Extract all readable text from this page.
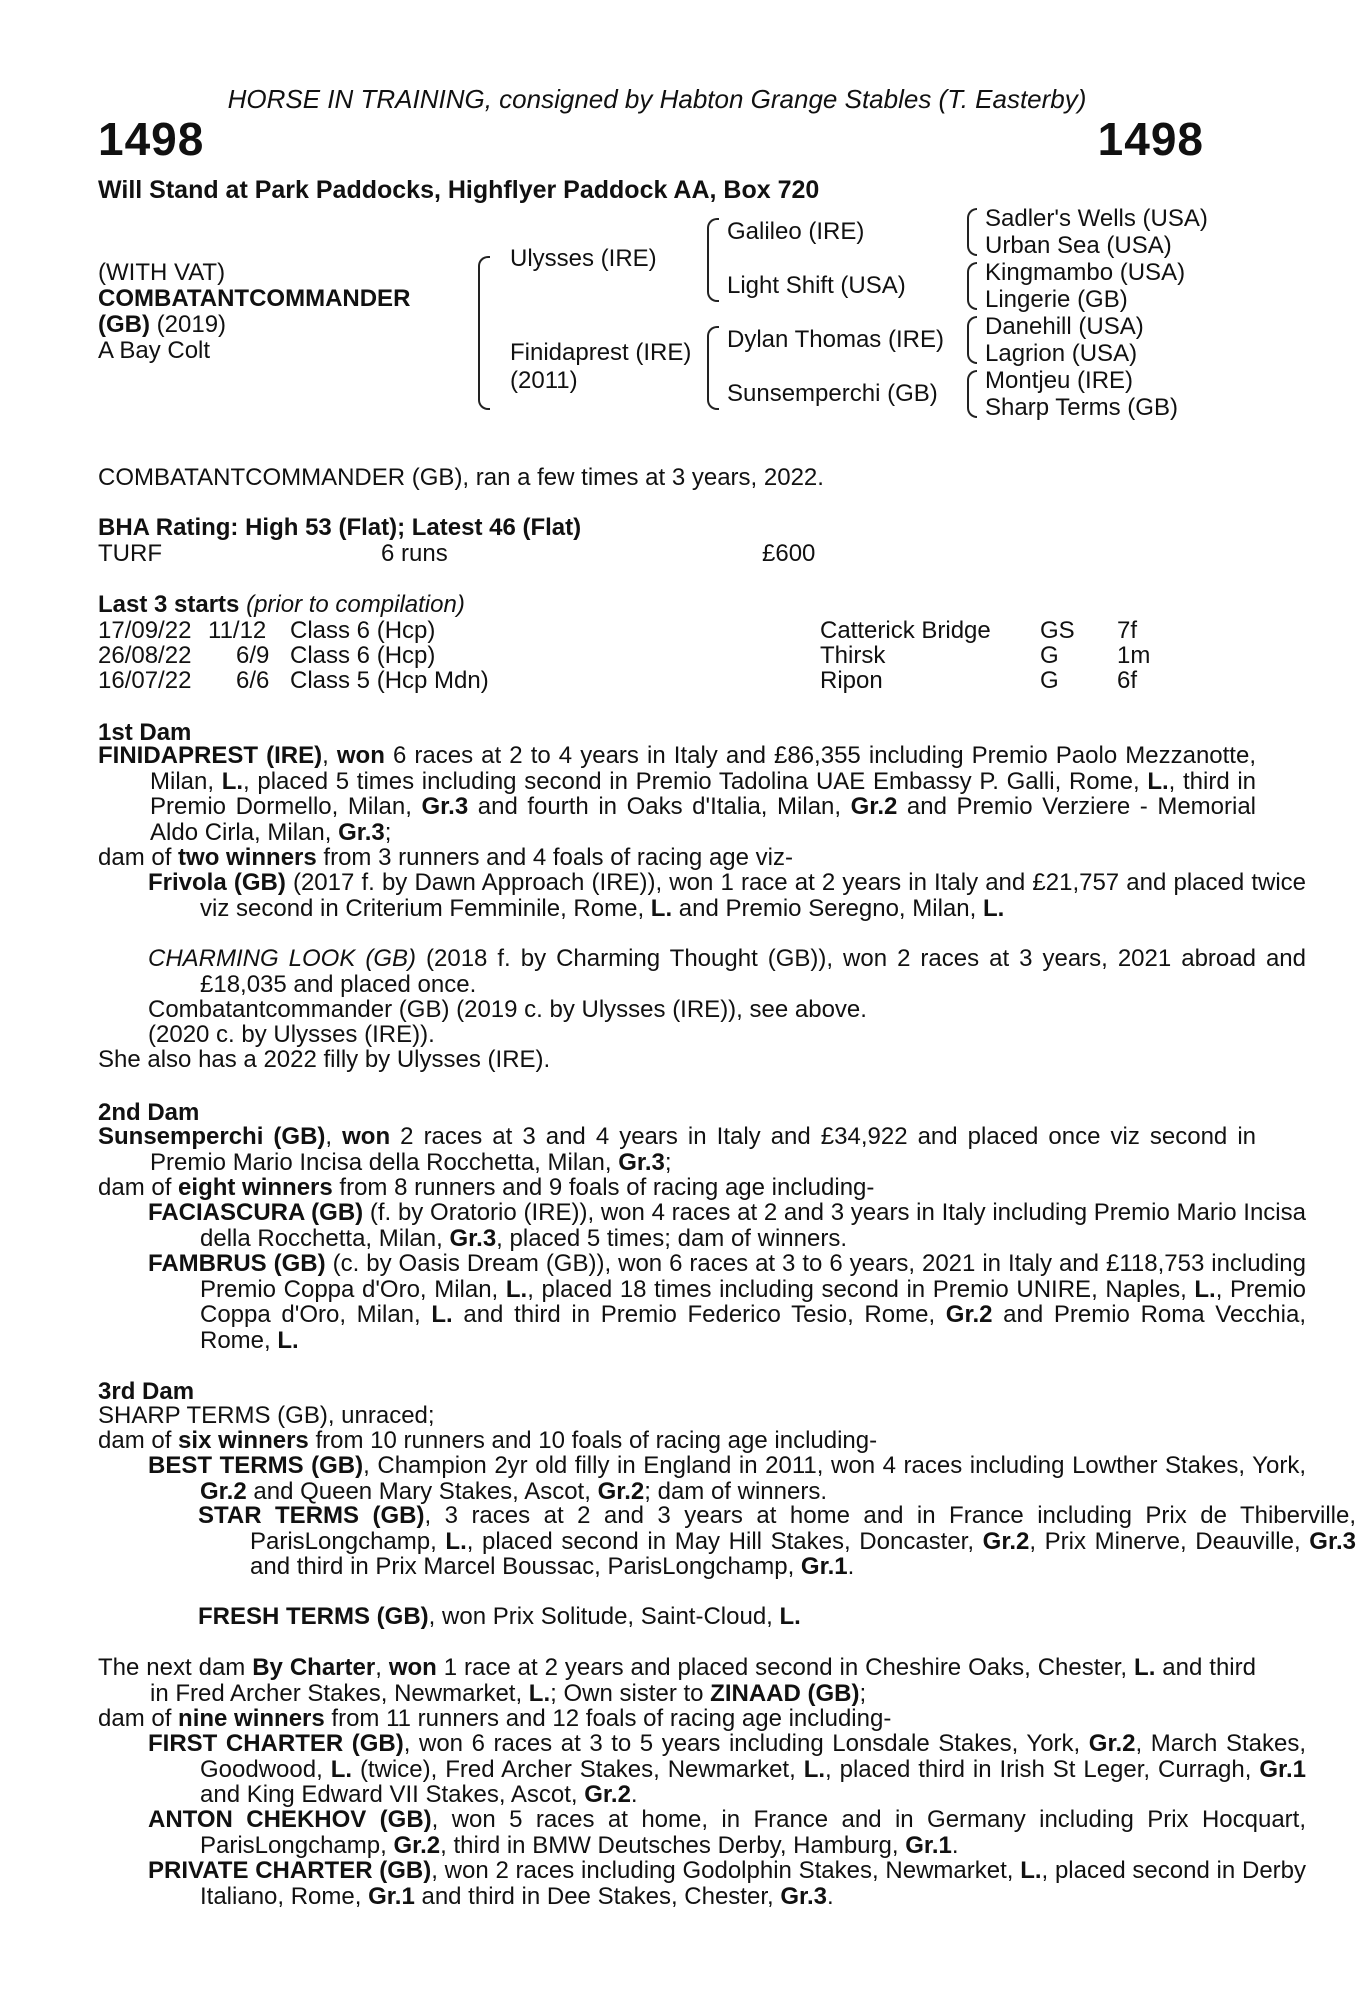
HORSE IN TRAINING, consigned by Habton Grange Stables (T. Easterby)
1498	1498
Will Stand at Park Paddocks, Highflyer Paddock AA, Box 720
(WITH VAT)
COMBATANTCOMMANDER
(GB) (2019)
A Bay Colt
Ulysses (IRE)
Finidaprest (IRE)
(2011)
Galileo (IRE)
Light Shift (USA)
Dylan Thomas (IRE)
Sunsemperchi (GB)
Sadler's Wells (USA)
Urban Sea (USA)
Kingmambo (USA)
Lingerie (GB)
Danehill (USA)
Lagrion (USA)
Montjeu (IRE)
Sharp Terms (GB)
COMBATANTCOMMANDER (GB), ran a few times at 3 years, 2022.
BHA Rating: High 53 (Flat); Latest 46 (Flat)
TURF	6 runs	£600
Last 3 starts (prior to compilation)
17/09/22 11/12 Class 6 (Hcp)	Catterick Bridge GS 7f
26/08/22 6/9 Class 6 (Hcp)	Thirsk	G 1m
16/07/22 6/6 Class 5 (Hcp Mdn)	Ripon	G 6f
1st Dam
FINIDAPREST (IRE), won 6 races at 2 to 4 years in Italy and £86,355 including Premio Paolo Mezzanotte, Milan, L., placed 5 times including second in Premio Tadolina UAE Embassy P. Galli, Rome, L., third in Premio Dormello, Milan, Gr.3 and fourth in Oaks d'Italia, Milan, Gr.2 and Premio Verziere - Memorial Aldo Cirla, Milan, Gr.3;
dam of two winners from 3 runners and 4 foals of racing age viz-
Frivola (GB) (2017 f. by Dawn Approach (IRE)), won 1 race at 2 years in Italy and £21,757 and placed twice viz second in Criterium Femminile, Rome, L. and Premio Seregno, Milan, L.
CHARMING LOOK (GB) (2018 f. by Charming Thought (GB)), won 2 races at 3 years, 2021 abroad and £18,035 and placed once.
Combatantcommander (GB) (2019 c. by Ulysses (IRE)), see above.
(2020 c. by Ulysses (IRE)).
She also has a 2022 filly by Ulysses (IRE).
2nd Dam
Sunsemperchi (GB), won 2 races at 3 and 4 years in Italy and £34,922 and placed once viz second in Premio Mario Incisa della Rocchetta, Milan, Gr.3;
dam of eight winners from 8 runners and 9 foals of racing age including-
FACIASCURA (GB) (f. by Oratorio (IRE)), won 4 races at 2 and 3 years in Italy including Premio Mario Incisa della Rocchetta, Milan, Gr.3, placed 5 times; dam of winners.
FAMBRUS (GB) (c. by Oasis Dream (GB)), won 6 races at 3 to 6 years, 2021 in Italy and £118,753 including Premio Coppa d'Oro, Milan, L., placed 18 times including second in Premio UNIRE, Naples, L., Premio Coppa d'Oro, Milan, L. and third in Premio Federico Tesio, Rome, Gr.2 and Premio Roma Vecchia, Rome, L.
3rd Dam
SHARP TERMS (GB), unraced;
dam of six winners from 10 runners and 10 foals of racing age including-
BEST TERMS (GB), Champion 2yr old filly in England in 2011, won 4 races including Lowther Stakes, York, Gr.2 and Queen Mary Stakes, Ascot, Gr.2; dam of winners.
STAR TERMS (GB), 3 races at 2 and 3 years at home and in France including Prix de Thiberville, ParisLongchamp, L., placed second in May Hill Stakes, Doncaster, Gr.2, Prix Minerve, Deauville, Gr.3 and third in Prix Marcel Boussac, ParisLongchamp, Gr.1.
FRESH TERMS (GB), won Prix Solitude, Saint-Cloud, L.
The next dam By Charter, won 1 race at 2 years and placed second in Cheshire Oaks, Chester, L. and third in Fred Archer Stakes, Newmarket, L.; Own sister to ZINAAD (GB);
dam of nine winners from 11 runners and 12 foals of racing age including-
FIRST CHARTER (GB), won 6 races at 3 to 5 years including Lonsdale Stakes, York, Gr.2, March Stakes, Goodwood, L. (twice), Fred Archer Stakes, Newmarket, L., placed third in Irish St Leger, Curragh, Gr.1 and King Edward VII Stakes, Ascot, Gr.2.
ANTON CHEKHOV (GB), won 5 races at home, in France and in Germany including Prix Hocquart, ParisLongchamp, Gr.2, third in BMW Deutsches Derby, Hamburg, Gr.1.
PRIVATE CHARTER (GB), won 2 races including Godolphin Stakes, Newmarket, L., placed second in Derby Italiano, Rome, Gr.1 and third in Dee Stakes, Chester, Gr.3.
